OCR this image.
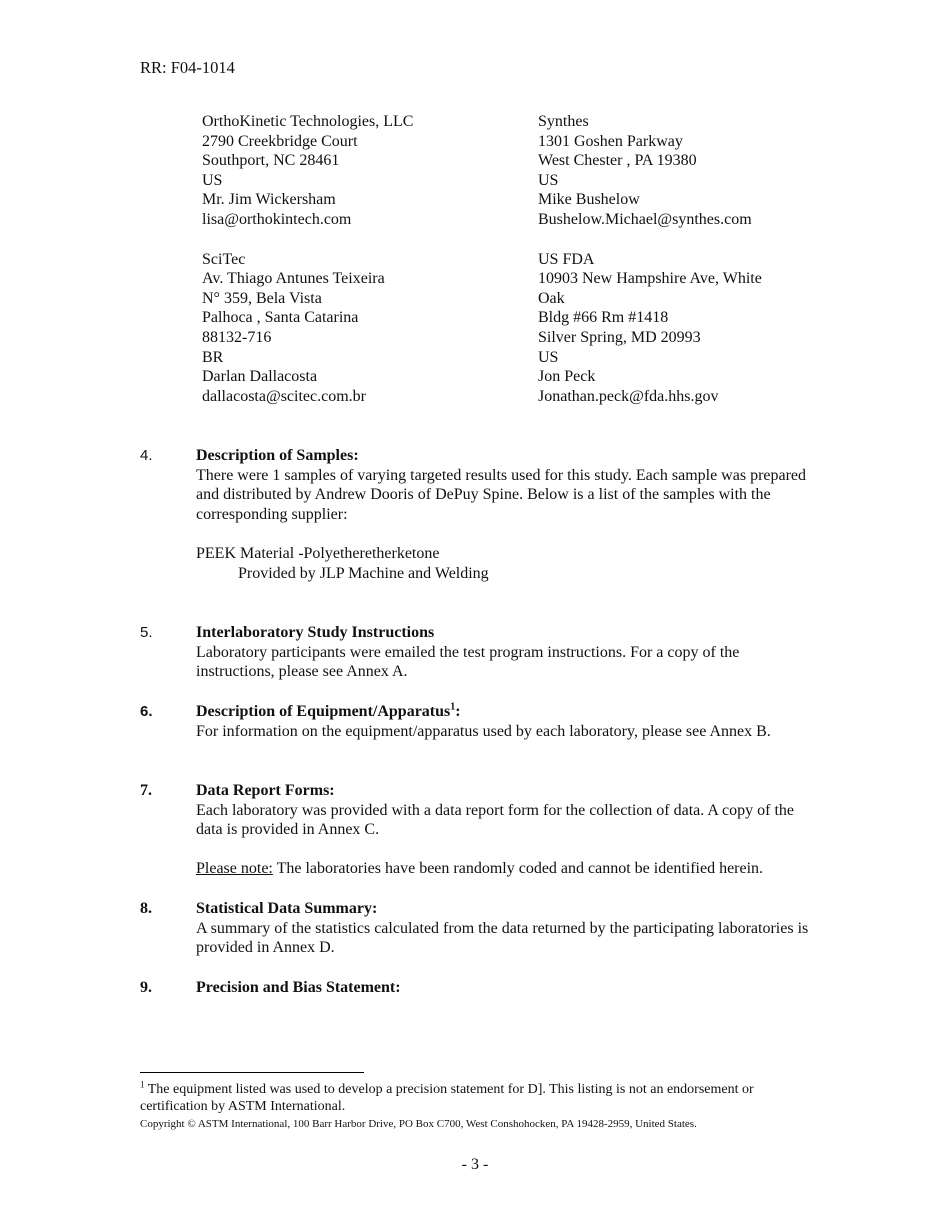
RR: F04-1014
OrthoKinetic Technologies, LLC
2790 Creekbridge Court
Southport, NC 28461
US
Mr. Jim Wickersham
lisa@orthokintech.com
Synthes
1301 Goshen Parkway
West Chester , PA 19380
US
Mike Bushelow
Bushelow.Michael@synthes.com
SciTec
Av. Thiago Antunes Teixeira
N° 359, Bela Vista
Palhoca , Santa Catarina
88132-716
BR
Darlan Dallacosta
dallacosta@scitec.com.br
US FDA
10903 New Hampshire Ave, White Oak
Bldg #66 Rm #1418
Silver Spring, MD 20993
US
Jon Peck
Jonathan.peck@fda.hhs.gov
4.	Description of Samples:

There were 1 samples of varying targeted results used for this study. Each sample was prepared and distributed by Andrew Dooris of DePuy Spine. Below is a list of the samples with the corresponding supplier:

PEEK Material -Polyetheretherketone

Provided by JLP Machine and Welding

5.	Interlaboratory Study Instructions

Laboratory participants were emailed the test program instructions. For a copy of the instructions, please see Annex A.

6.	Description of Equipment/Apparatus$^1$:

For information on the equipment/apparatus used by each laboratory, please see Annex B.

7.	Data Report Forms:

Each laboratory was provided with a data report form for the collection of data. A copy of the data is provided in Annex C.

Please note: The laboratories have been randomly coded and cannot be identified herein.

8.	Statistical Data Summary:

A summary of the statistics calculated from the data returned by the participating laboratories is provided in Annex D.

9.	Precision and Bias Statement:
$^1$ The equipment listed was used to develop a precision statement for D]. This listing is not an endorsement or certification by ASTM International.
Copyright © ASTM International, 100 Barr Harbor Drive, PO Box C700, West Conshohocken, PA 19428-2959, United States.
- 3 -
